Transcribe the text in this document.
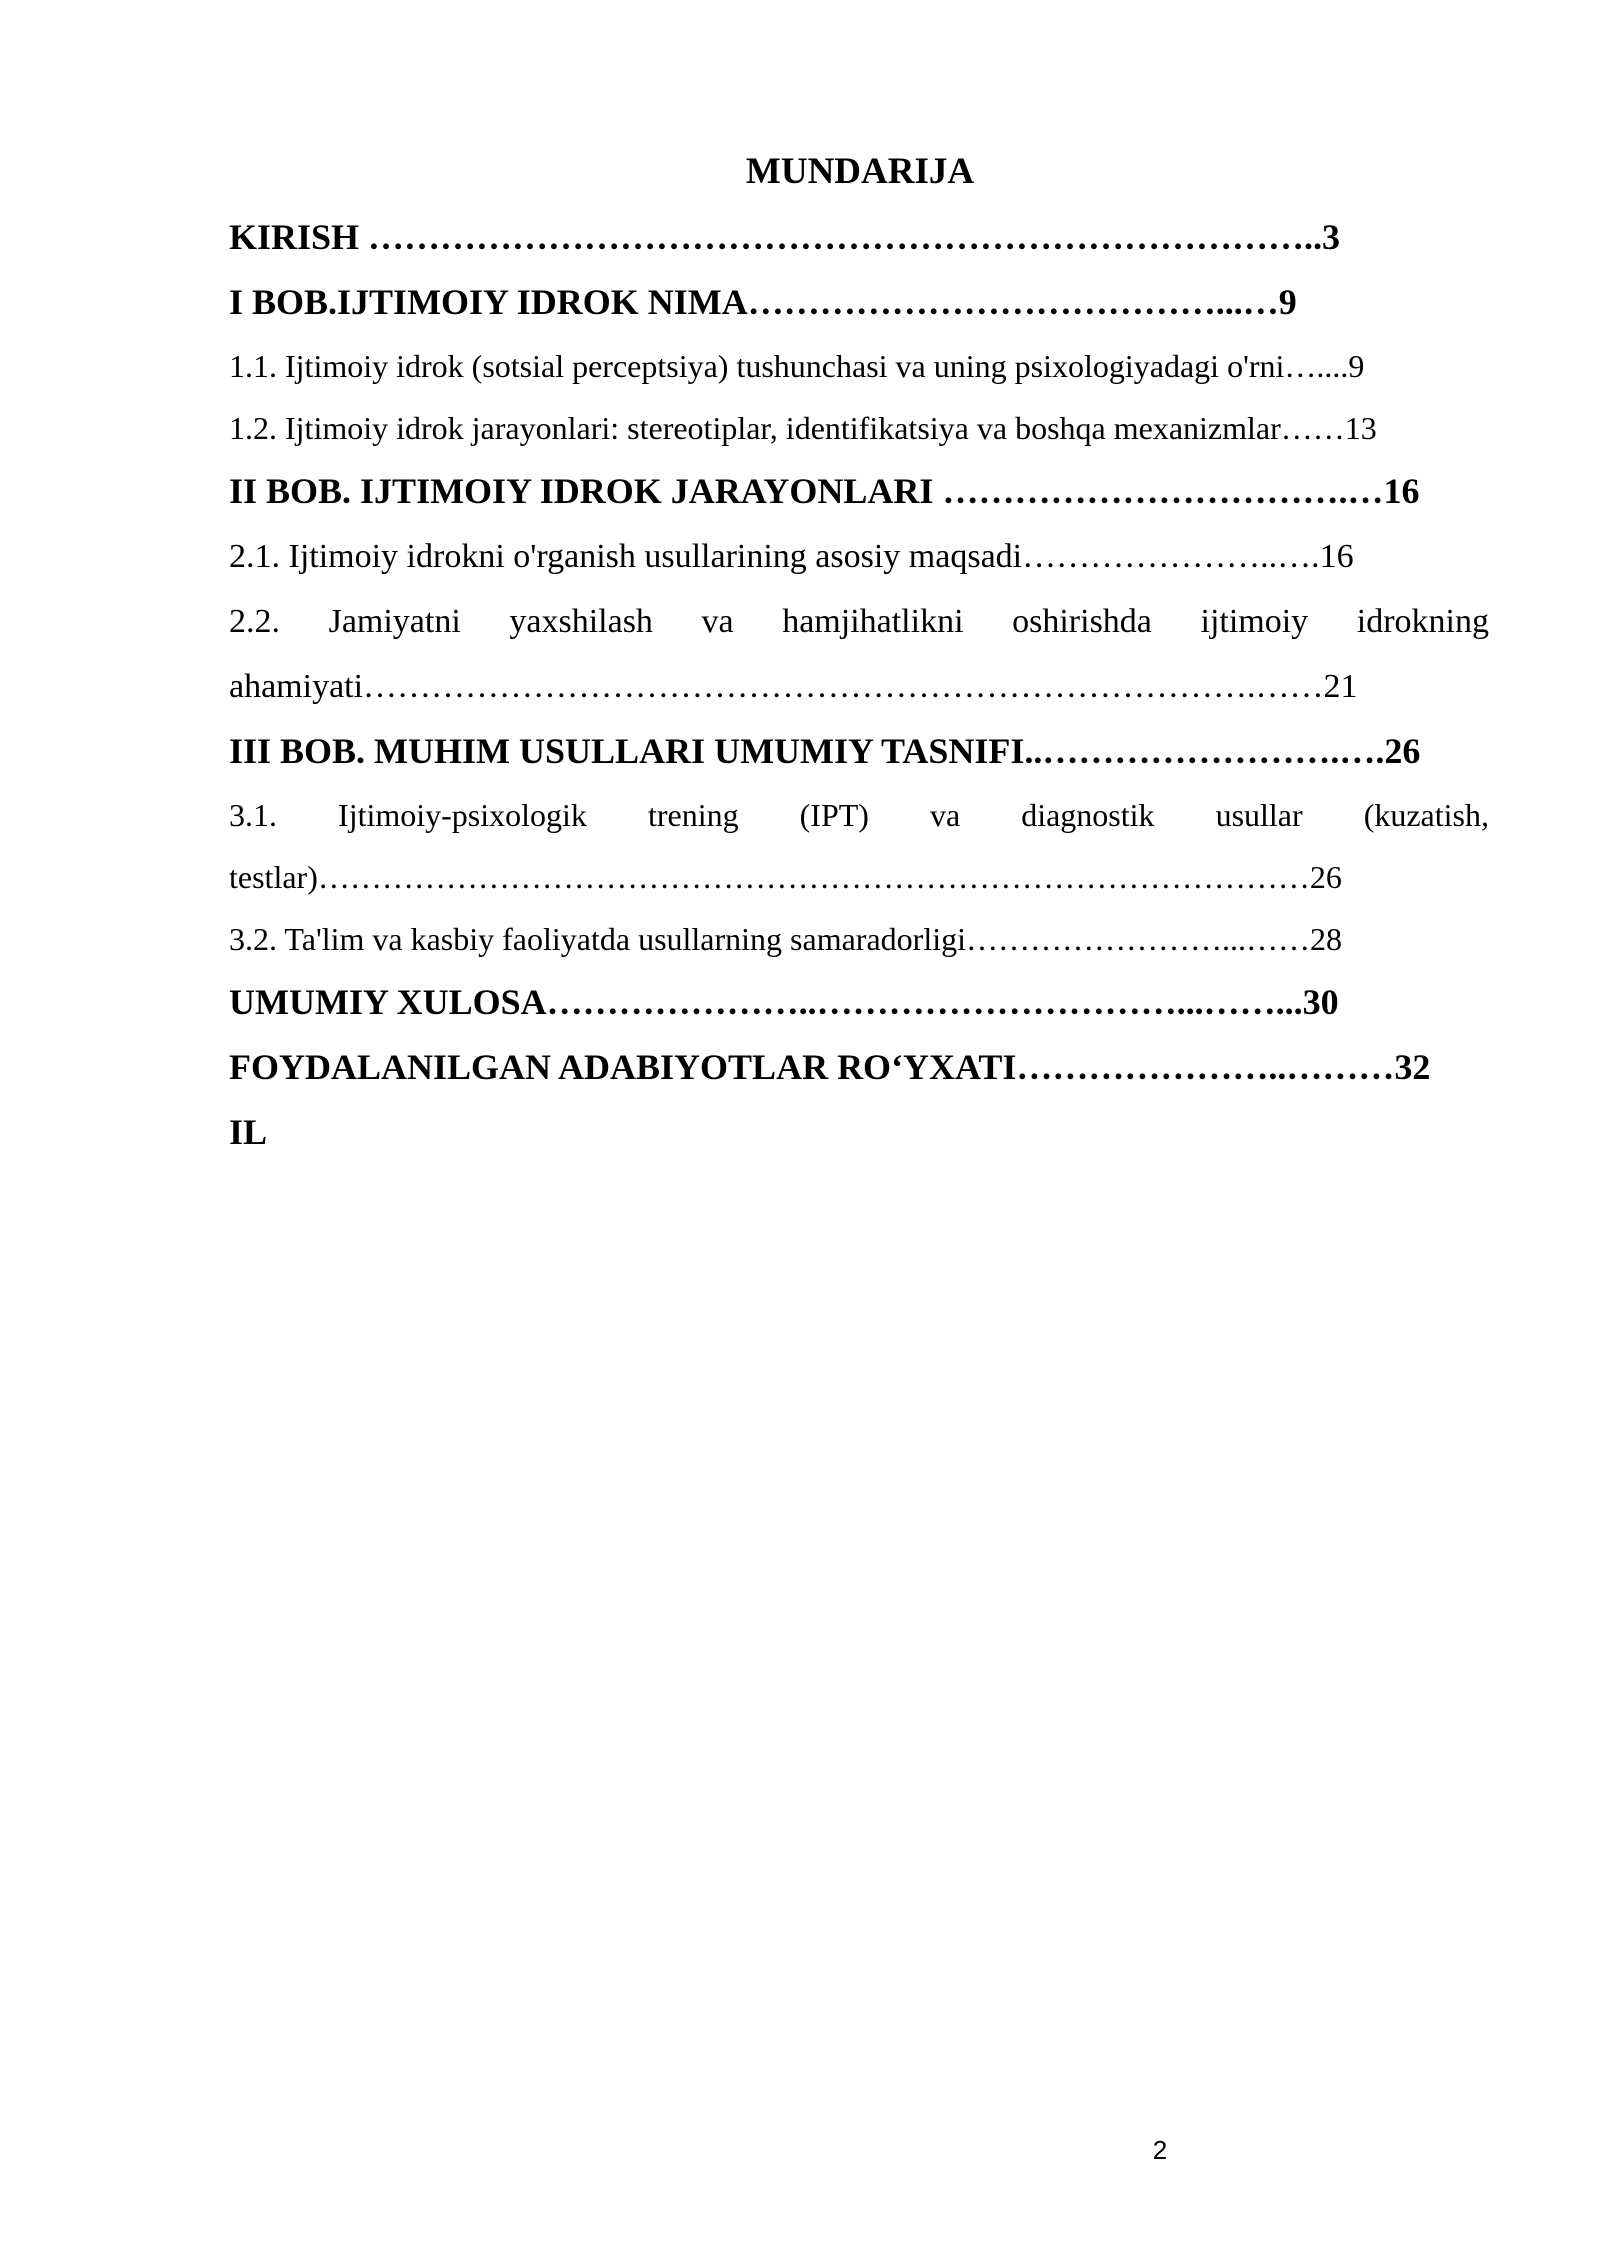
MUNDARIJA
KIRISH ……………………………………………………………………..3
I BOB.IJTIMOIY IDROK NIMA…………………………………...…9
1.1. Ijtimoiy idrok (sotsial perceptsiya) tushunchasi va uning psixologiyadagi o'rni…....9
1.2. Ijtimoiy idrok jarayonlari: stereotiplar, identifikatsiya va boshqa mexanizmlar……13
II BOB. IJTIMOIY IDROK JARAYONLARI …………………………….…16
2.1. Ijtimoiy idrokni o'rganish usullarining asosiy maqsadi…………………..….16
2.2. Jamiyatni yaxshilash va hamjihatlikni oshirishda ijtimoiy idrokning
ahamiyati…………………………………………………………………….……21
III BOB. MUHIM USULLARI UMUMIY TASNIFI..…………………….….26
3.1. Ijtimoiy-psixologik trening (IPT) va diagnostik usullar (kuzatish,
testlar)…………………………………………………………………………………26
3.2. Ta'lim va kasbiy faoliyatda usullarning samaradorligi……………………...……28
UMUMIY XULOSA…………………..…………………………...……...30
FOYDALANILGAN ADABIYOTLAR RO‘YXATI…………………..………32
IL
2
